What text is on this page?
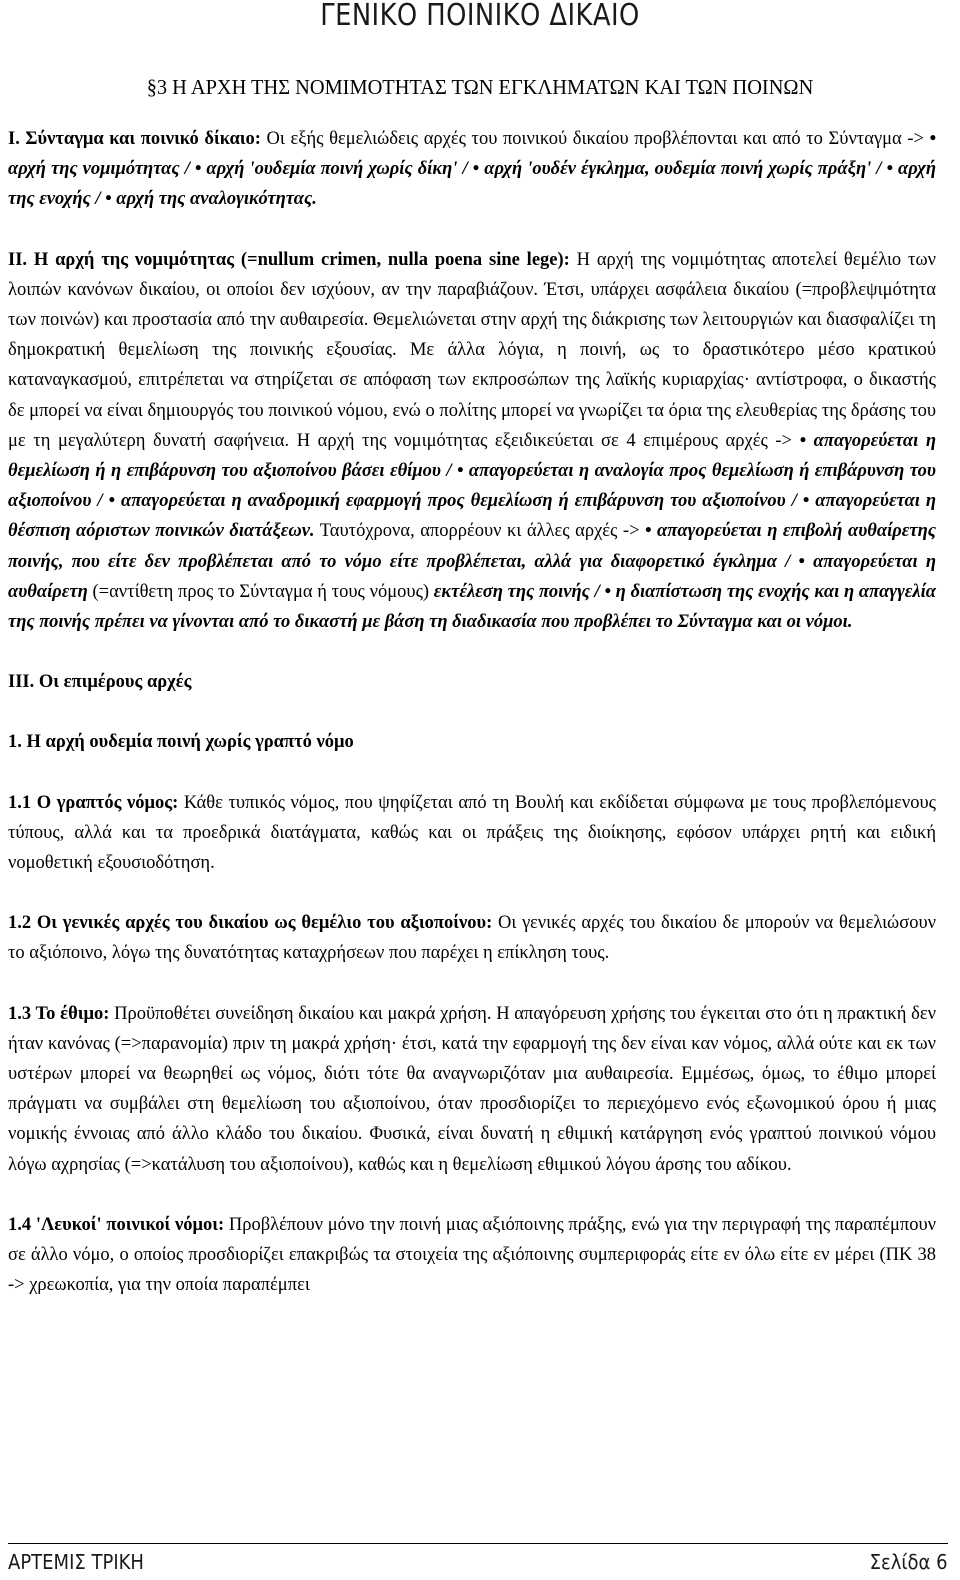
ΓΕΝΙΚΟ ΠΟΙΝΙΚΟ ΔΙΚΑΙΟ
§3 Η ΑΡΧΗ ΤΗΣ ΝΟΜΙΜΟΤΗΤΑΣ ΤΩΝ ΕΓΚΛΗΜΑΤΩΝ ΚΑΙ ΤΩΝ ΠΟΙΝΩΝ

Ι. Σύνταγμα και ποινικό δίκαιο: Οι εξής θεμελιώδεις αρχές του ποινικού δικαίου προβλέπονται και από το Σύνταγμα -> • αρχή της νομιμότητας / • αρχή 'ουδεμία ποινή χωρίς δίκη' / • αρχή 'ουδέν έγκλημα, ουδεμία ποινή χωρίς πράξη' / • αρχή της ενοχής / • αρχή της αναλογικότητας.

ΙΙ. Η αρχή της νομιμότητας (=nullum crimen, nulla poena sine lege): Η αρχή της νομιμότητας αποτελεί θεμέλιο των λοιπών κανόνων δικαίου, οι οποίοι δεν ισχύουν, αν την παραβιάζουν. Έτσι, υπάρχει ασφάλεια δικαίου (=προβλεψιμότητα των ποινών) και προστασία από την αυθαιρεσία. Θεμελιώνεται στην αρχή της διάκρισης των λειτουργιών και διασφαλίζει τη δημοκρατική θεμελίωση της ποινικής εξουσίας. Με άλλα λόγια, η ποινή, ως το δραστικότερο μέσο κρατικού καταναγκασμού, επιτρέπεται να στηρίζεται σε απόφαση των εκπροσώπων της λαϊκής κυριαρχίας· αντίστροφα, ο δικαστής δε μπορεί να είναι δημιουργός του ποινικού νόμου, ενώ ο πολίτης μπορεί να γνωρίζει τα όρια της ελευθερίας της δράσης του με τη μεγαλύτερη δυνατή σαφήνεια. Η αρχή της νομιμότητας εξειδικεύεται σε 4 επιμέρους αρχές -> • απαγορεύεται η θεμελίωση ή η επιβάρυνση του αξιοποίνου βάσει εθίμου / • απαγορεύεται η αναλογία προς θεμελίωση ή επιβάρυνση του αξιοποίνου / • απαγορεύεται η αναδρομική εφαρμογή προς θεμελίωση ή επιβάρυνση του αξιοποίνου / • απαγορεύεται η θέσπιση αόριστων ποινικών διατάξεων. Ταυτόχρονα, απορρέουν κι άλλες αρχές -> • απαγορεύεται η επιβολή αυθαίρετης ποινής, που είτε δεν προβλέπεται από το νόμο είτε προβλέπεται, αλλά για διαφορετικό έγκλημα / • απαγορεύεται η αυθαίρετη (=αντίθετη προς το Σύνταγμα ή τους νόμους) εκτέλεση της ποινής / • η διαπίστωση της ενοχής και η απαγγελία της ποινής πρέπει να γίνονται από το δικαστή με βάση τη διαδικασία που προβλέπει το Σύνταγμα και οι νόμοι.

ΙΙΙ. Οι επιμέρους αρχές

1. Η αρχή ουδεμία ποινή χωρίς γραπτό νόμο

1.1 Ο γραπτός νόμος: Κάθε τυπικός νόμος, που ψηφίζεται από τη Βουλή και εκδίδεται σύμφωνα με τους προβλεπόμενους τύπους, αλλά και τα προεδρικά διατάγματα, καθώς και οι πράξεις της διοίκησης, εφόσον υπάρχει ρητή και ειδική νομοθετική εξουσιοδότηση.

1.2 Οι γενικές αρχές του δικαίου ως θεμέλιο του αξιοποίνου: Οι γενικές αρχές του δικαίου δε μπορούν να θεμελιώσουν το αξιόποινο, λόγω της δυνατότητας καταχρήσεων που παρέχει η επίκληση τους.

1.3 Το έθιμο: Προϋποθέτει συνείδηση δικαίου και μακρά χρήση. Η απαγόρευση χρήσης του έγκειται στο ότι η πρακτική δεν ήταν κανόνας (=>παρανομία) πριν τη μακρά χρήση· έτσι, κατά την εφαρμογή της δεν είναι καν νόμος, αλλά ούτε και εκ των υστέρων μπορεί να θεωρηθεί ως νόμος, διότι τότε θα αναγνωριζόταν μια αυθαιρεσία. Εμμέσως, όμως, το έθιμο μπορεί πράγματι να συμβάλει στη θεμελίωση του αξιοποίνου, όταν προσδιορίζει το περιεχόμενο ενός εξωνομικού όρου ή μιας νομικής έννοιας από άλλο κλάδο του δικαίου. Φυσικά, είναι δυνατή η εθιμική κατάργηση ενός γραπτού ποινικού νόμου λόγω αχρησίας (=>κατάλυση του αξιοποίνου), καθώς και η θεμελίωση εθιμικού λόγου άρσης του αδίκου.

1.4 'Λευκοί' ποινικοί νόμοι: Προβλέπουν μόνο την ποινή μιας αξιόποινης πράξης, ενώ για την περιγραφή της παραπέμπουν σε άλλο νόμο, ο οποίος προσδιορίζει επακριβώς τα στοιχεία της αξιόποινης συμπεριφοράς είτε εν όλω είτε εν μέρει (ΠΚ 38 -> χρεωκοπία, για την οποία παραπέμπει

ΑΡΤΕΜΙΣ ΤΡΙΚΗ	Σελίδα 6
